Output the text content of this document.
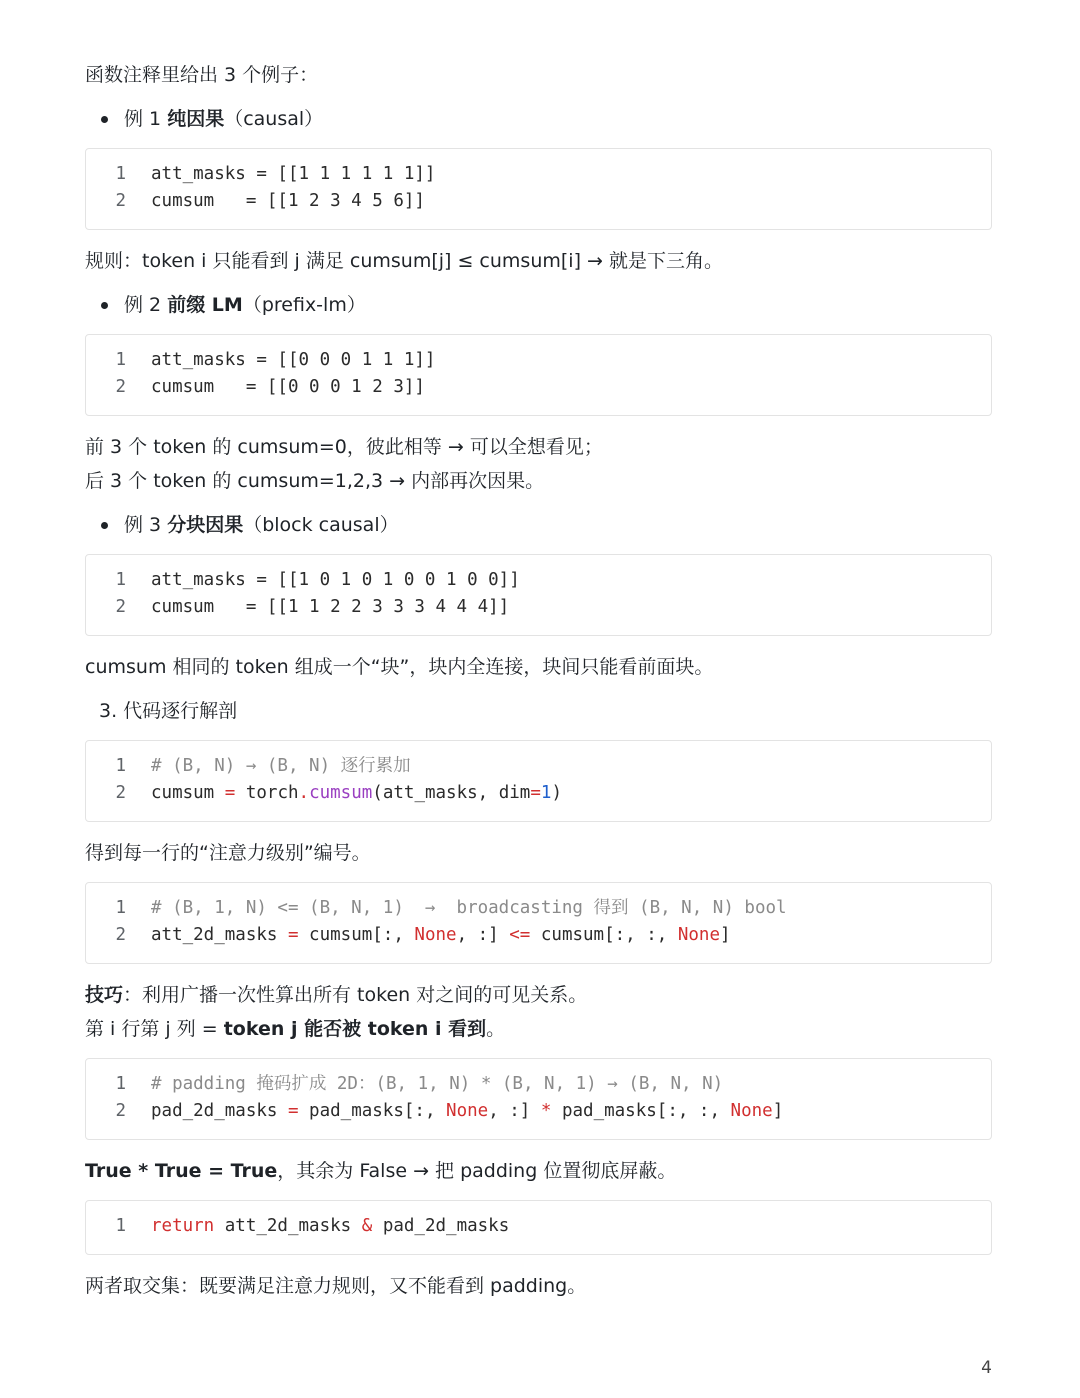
函数注释里给出 3 个例子：

例 1
纯因果 （causal）
1	att_masks = [[1 1 1 1 1 1]]
2	cumsum   = [[1 2 3 4 5 6]]

规则：token i 只能看到 j 满足 cumsum[j] ≤ cumsum[i] → 就是下三角。

例 2
前缀 LM （prefix-lm）
1	att_masks = [[0 0 0 1 1 1]]
2	cumsum   = [[0 0 0 1 2 3]]

前 3 个 token 的 cumsum=0，彼此相等 → 可以全想看见；

后 3 个 token 的 cumsum=1,2,3 → 内部再次因果。

例 3
分块因果 （block causal）
1	att_masks = [[1 0 1 0 1 0 0 1 0 0]]
2	cumsum   = [[1 1 2 2 3 3 3 4 4 4]]

cumsum 相同的 token 组成一个“块”，块内全连接，块间只能看前面块。

3. 代码逐行解剖
1	# (B, N) → (B, N) 逐行累加
2	cumsum = torch.cumsum(att_masks, dim=1)

得到每一行的“注意力级别”编号。

1	# (B, 1, N) <= (B, N, 1)  →  broadcasting 得到 (B, N, N) bool
2	att_2d_masks = cumsum[:, None, :] <= cumsum[:, :, None]

技巧：利用广播一次性算出所有 token 对之间的可见关系。

第 i 行第 j 列 = token j 能否被 token i 看到。

1	# padding 掩码扩成 2D：(B, 1, N) * (B, N, 1) → (B, N, N)
2	pad_2d_masks = pad_masks[:, None, :] * pad_masks[:, :, None]

True * True = True，其余为 False → 把 padding 位置彻底屏蔽。

1	return att_2d_masks & pad_2d_masks

两者取交集：既要满足注意力规则，又不能看到 padding。

4
